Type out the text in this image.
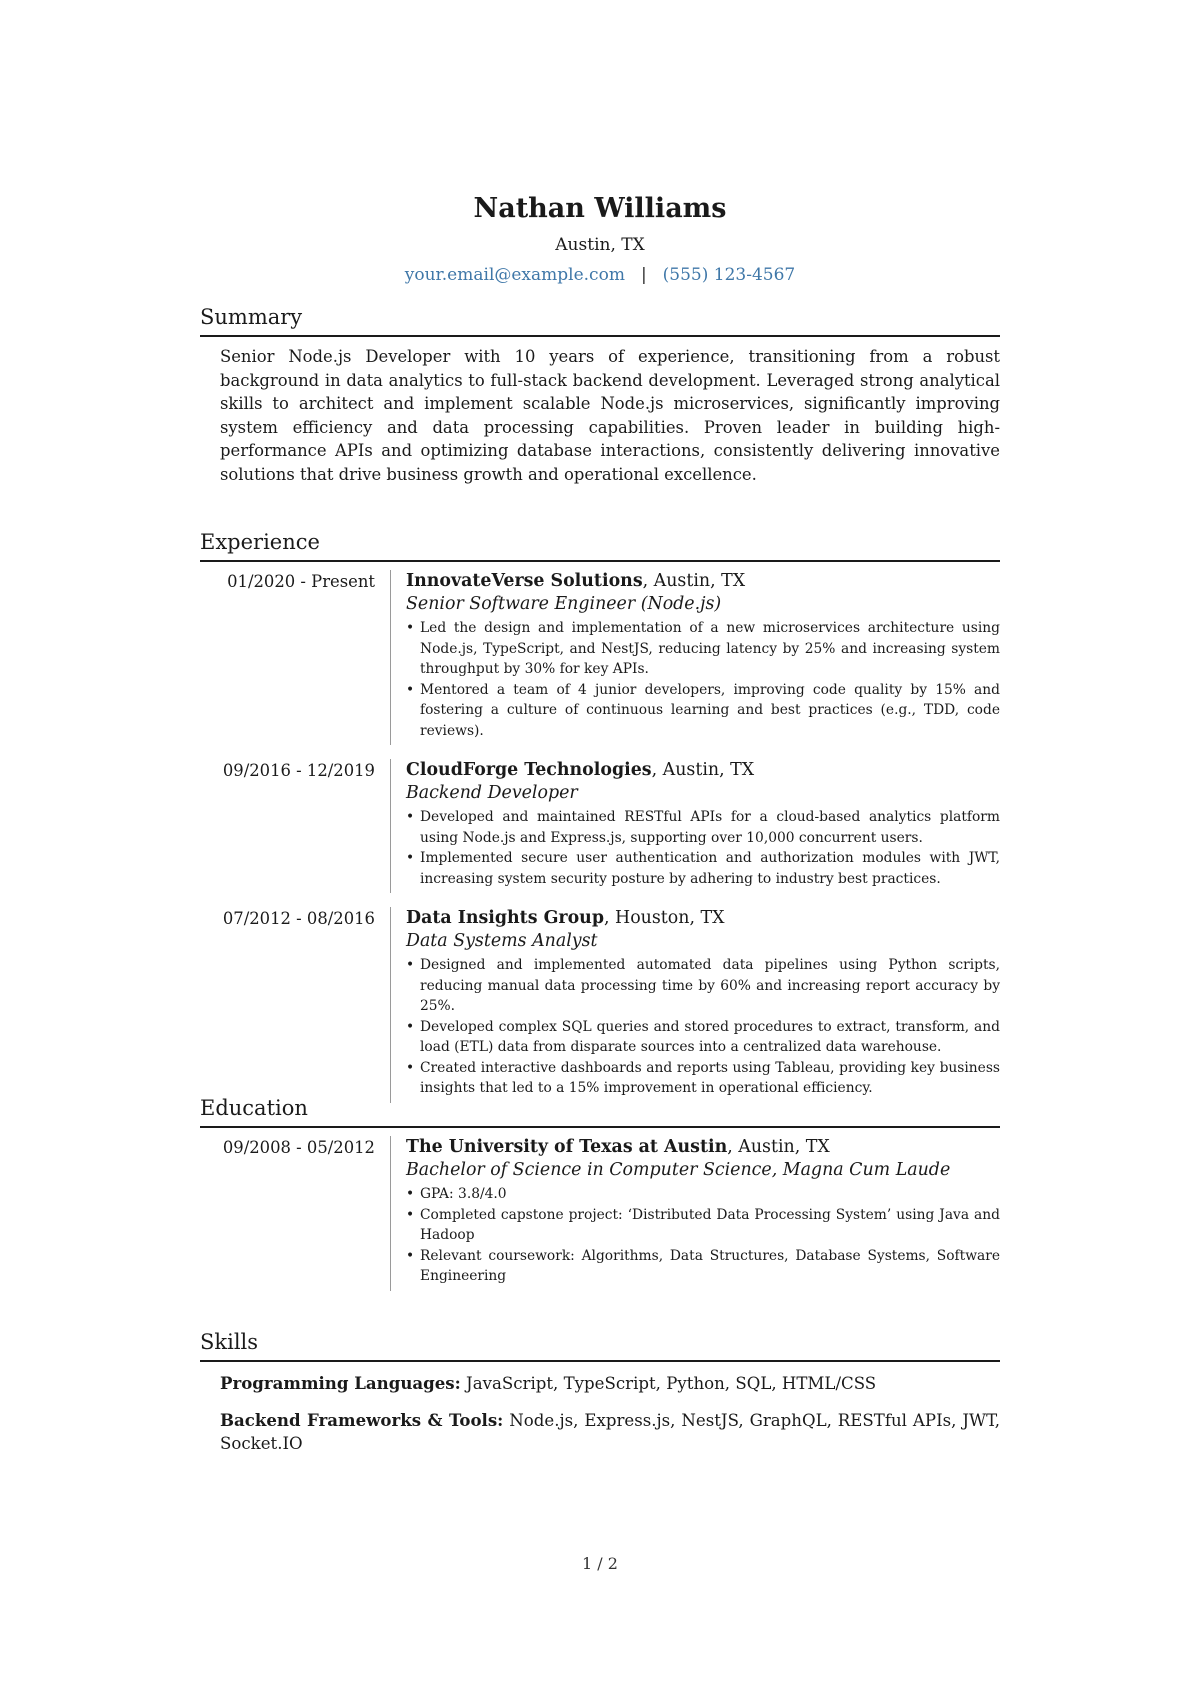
Nathan Williams
Austin, TX
your.email@example.com | (555) 123-4567
Summary

Senior Node.js Developer with 10 years of experience, transitioning from a robust background in data analytics to full-stack backend development. Leveraged strong analytical skills to architect and implement scalable Node.js microservices, significantly improving system efficiency and data processing capabilities. Proven leader in building high-performance APIs and optimizing database interactions, consistently delivering innovative solutions that drive business growth and operational excellence.

Experience
01/2020 - Present	InnovateVerse Solutions, Austin, TX
Senior Software Engineer (Node.js)
• Led the design and implementation of a new microservices architecture using Node.js, TypeScript, and NestJS, reducing latency by 25% and increasing system throughput by 30% for key APIs.
• Mentored a team of 4 junior developers, improving code quality by 15% and fostering a culture of continuous learning and best practices (e.g., TDD, code reviews).
09/2016 - 12/2019	CloudForge Technologies, Austin, TX
Backend Developer
• Developed and maintained RESTful APIs for a cloud-based analytics platform using Node.js and Express.js, supporting over 10,000 concurrent users.
• Implemented secure user authentication and authorization modules with JWT, increasing system security posture by adhering to industry best practices.
07/2012 - 08/2016	Data Insights Group, Houston, TX
Data Systems Analyst
• Designed and implemented automated data pipelines using Python scripts, reducing manual data processing time by 60% and increasing report accuracy by 25%.
• Developed complex SQL queries and stored procedures to extract, transform, and load (ETL) data from disparate sources into a centralized data warehouse.
• Created interactive dashboards and reports using Tableau, providing key business insights that led to a 15% improvement in operational efficiency.
Education
09/2008 - 05/2012	The University of Texas at Austin, Austin, TX
Bachelor of Science in Computer Science, Magna Cum Laude
• GPA: 3.8/4.0
• Completed capstone project: ‘Distributed Data Processing System’ using Java and Hadoop
• Relevant coursework: Algorithms, Data Structures, Database Systems, Software Engineering
Skills
Programming Languages: JavaScript, TypeScript, Python, SQL, HTML/CSS
Backend Frameworks & Tools: Node.js, Express.js, NestJS, GraphQL, RESTful APIs, JWT, Socket.IO
1 / 2
